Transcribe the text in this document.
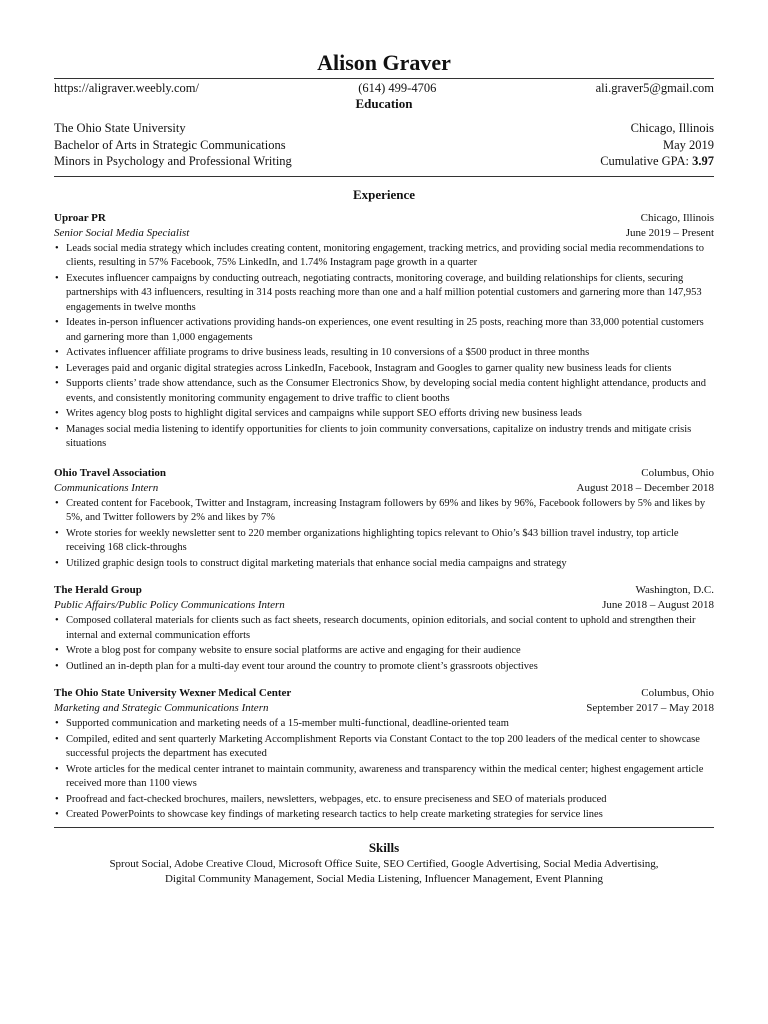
Alison Graver
https://aligraver.weebly.com/	(614) 499-4706	ali.graver5@gmail.com
Education
The Ohio State University	Chicago, Illinois
Bachelor of Arts in Strategic Communications	May 2019
Minors in Psychology and Professional Writing	Cumulative GPA: 3.97
Experience
Uproar PR	Chicago, Illinois
Senior Social Media Specialist	June 2019 – Present
• Leads social media strategy which includes creating content, monitoring engagement, tracking metrics, and providing social media recommendations to clients, resulting in 57% Facebook, 75% LinkedIn, and 1.74% Instagram page growth in a quarter
• Executes influencer campaigns by conducting outreach, negotiating contracts, monitoring coverage, and building relationships for clients, securing partnerships with 43 influencers, resulting in 314 posts reaching more than one and a half million potential customers and garnering more than 147,953 engagements in twelve months
• Ideates in-person influencer activations providing hands-on experiences, one event resulting in 25 posts, reaching more than 33,000 potential customers and garnering more than 1,000 engagements
• Activates influencer affiliate programs to drive business leads, resulting in 10 conversions of a $500 product in three months
• Leverages paid and organic digital strategies across LinkedIn, Facebook, Instagram and Googles to garner quality new business leads for clients
• Supports clients’ trade show attendance, such as the Consumer Electronics Show, by developing social media content highlight attendance, products and events, and consistently monitoring community engagement to drive traffic to client booths
• Writes agency blog posts to highlight digital services and campaigns while support SEO efforts driving new business leads
• Manages social media listening to identify opportunities for clients to join community conversations, capitalize on industry trends and mitigate crisis situations
Ohio Travel Association	Columbus, Ohio
Communications Intern	August 2018 – December 2018
• Created content for Facebook, Twitter and Instagram, increasing Instagram followers by 69% and likes by 96%, Facebook followers by 5% and likes by 5%, and Twitter followers by 2% and likes by 7%
• Wrote stories for weekly newsletter sent to 220 member organizations highlighting topics relevant to Ohio’s $43 billion travel industry, top article receiving 168 click-throughs
• Utilized graphic design tools to construct digital marketing materials that enhance social media campaigns and strategy
The Herald Group	Washington, D.C.
Public Affairs/Public Policy Communications Intern	June 2018 – August 2018
• Composed collateral materials for clients such as fact sheets, research documents, opinion editorials, and social content to uphold and strengthen their internal and external communication efforts
• Wrote a blog post for company website to ensure social platforms are active and engaging for their audience
• Outlined an in-depth plan for a multi-day event tour around the country to promote client’s grassroots objectives
The Ohio State University Wexner Medical Center	Columbus, Ohio
Marketing and Strategic Communications Intern	September 2017 – May 2018
• Supported communication and marketing needs of a 15-member multi-functional, deadline-oriented team
• Compiled, edited and sent quarterly Marketing Accomplishment Reports via Constant Contact to the top 200 leaders of the medical center to showcase successful projects the department has executed
• Wrote articles for the medical center intranet to maintain community, awareness and transparency within the medical center; highest engagement article received more than 1100 views
• Proofread and fact-checked brochures, mailers, newsletters, webpages, etc. to ensure preciseness and SEO of materials produced
• Created PowerPoints to showcase key findings of marketing research tactics to help create marketing strategies for service lines
Skills
Sprout Social, Adobe Creative Cloud, Microsoft Office Suite, SEO Certified, Google Advertising, Social Media Advertising,
Digital Community Management, Social Media Listening, Influencer Management, Event Planning
